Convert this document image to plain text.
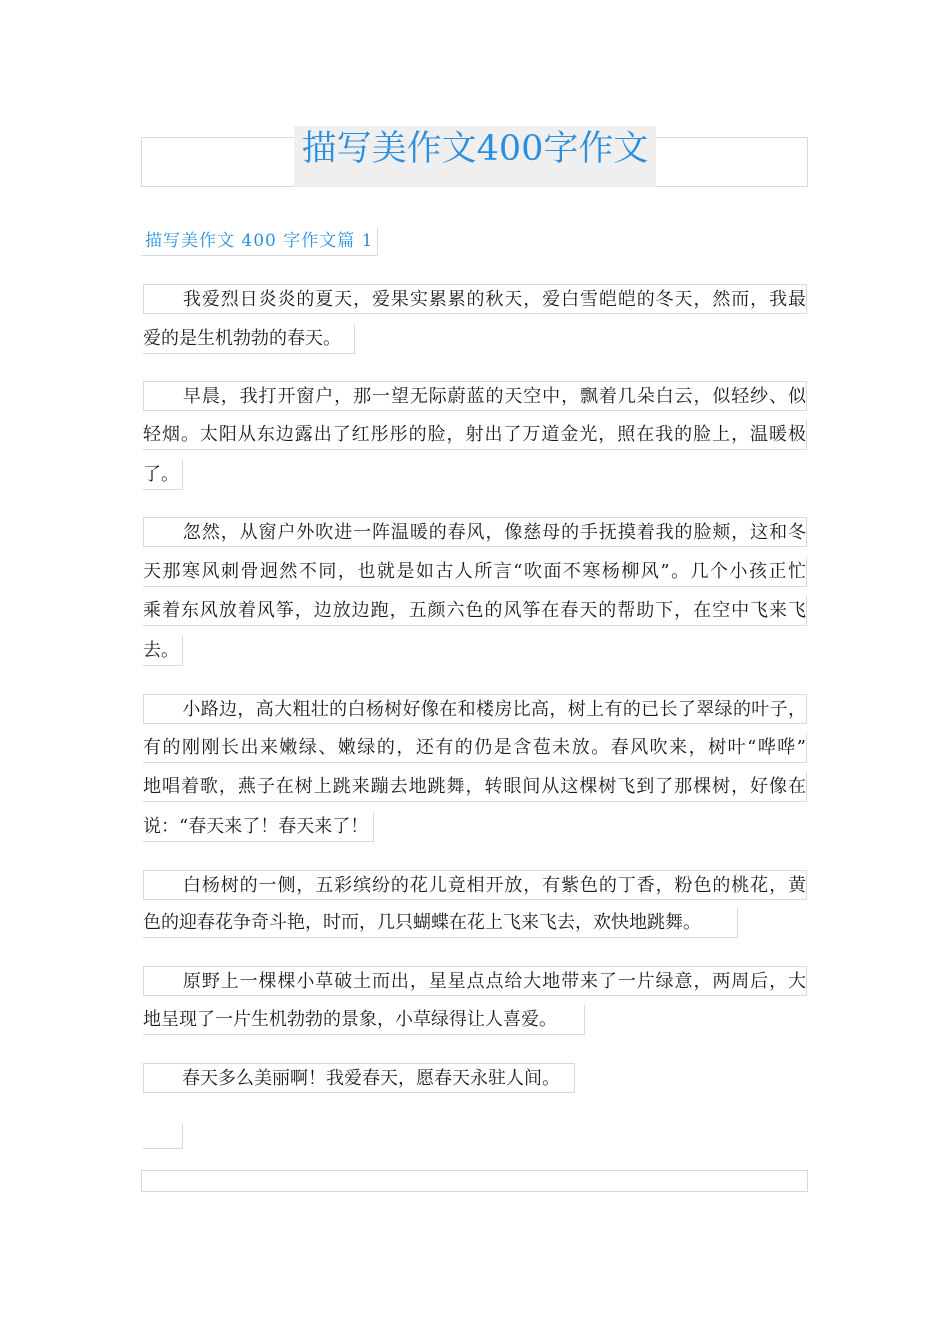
描写美作文400字作文
描写美作文 400 字作文篇 1
我爱烈日炎炎的夏天，爱果实累累的秋天，爱白雪皑皑的冬天，然而，我最
爱的是生机勃勃的春天。
早晨，我打开窗户，那一望无际蔚蓝的天空中，飘着几朵白云，似轻纱、似
轻烟。太阳从东边露出了红彤彤的脸，射出了万道金光，照在我的脸上，温暖极
了。
忽然，从窗户外吹进一阵温暖的春风，像慈母的手抚摸着我的脸颊，这和冬
天那寒风刺骨迥然不同，也就是如古人所言“吹面不寒杨柳风”。几个小孩正忙
乘着东风放着风筝，边放边跑，五颜六色的风筝在春天的帮助下，在空中飞来飞
去。
小路边，高大粗壮的白杨树好像在和楼房比高，树上有的已长了翠绿的叶子，
有的刚刚长出来嫩绿、嫩绿的，还有的仍是含苞未放。春风吹来，树叶“哗哗”
地唱着歌，燕子在树上跳来蹦去地跳舞，转眼间从这棵树飞到了那棵树，好像在
说：“春天来了！春天来了！
白杨树的一侧，五彩缤纷的花儿竟相开放，有紫色的丁香，粉色的桃花，黄
色的迎春花争奇斗艳，时而，几只蝴蝶在花上飞来飞去，欢快地跳舞。
原野上一棵棵小草破土而出，星星点点给大地带来了一片绿意，两周后，大
地呈现了一片生机勃勃的景象，小草绿得让人喜爱。
春天多么美丽啊！我爱春天，愿春天永驻人间。
